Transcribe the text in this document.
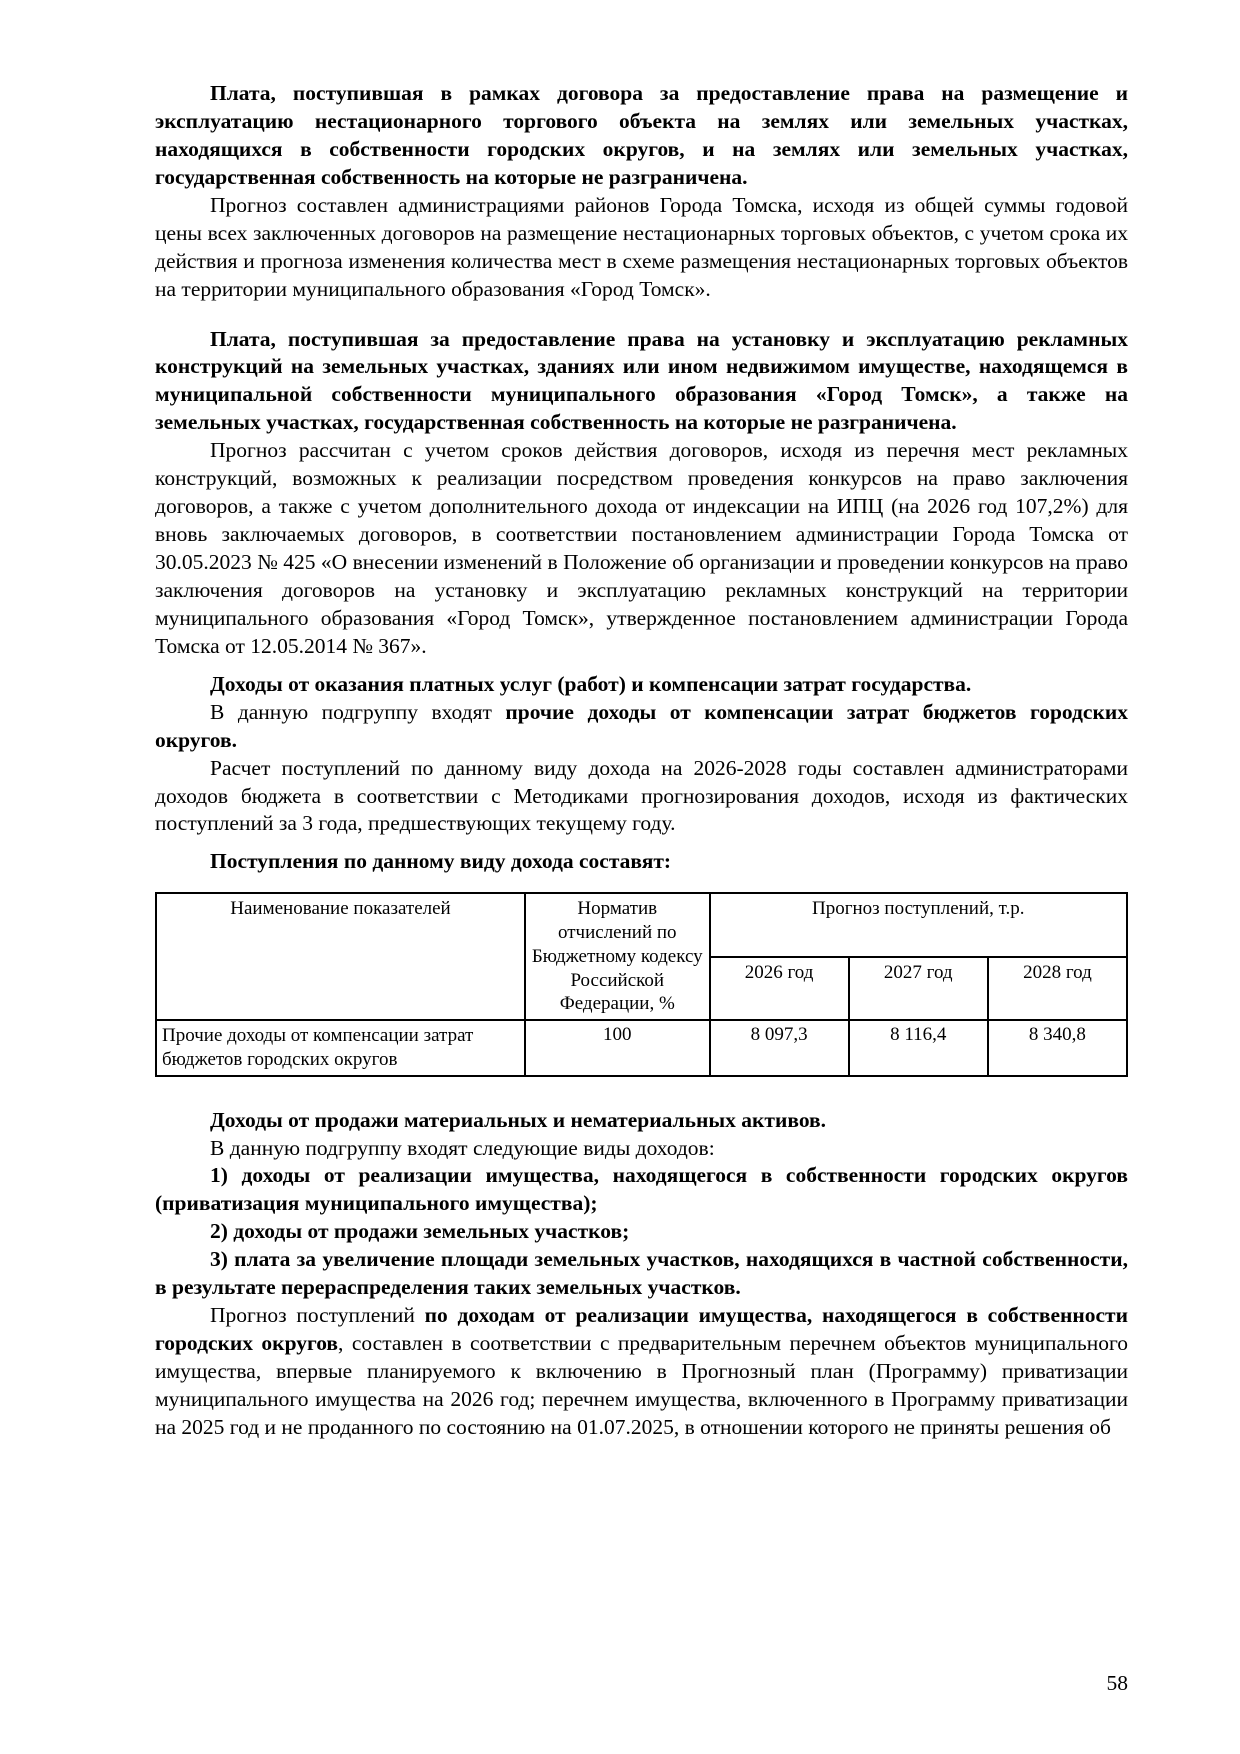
Плата, поступившая в рамках договора за предоставление права на размещение и эксплуатацию нестационарного торгового объекта на землях или земельных участках, находящихся в собственности городских округов, и на землях или земельных участках, государственная собственность на которые не разграничена.

Прогноз составлен администрациями районов Города Томска, исходя из общей суммы годовой цены всех заключенных договоров на размещение нестационарных торговых объектов, с учетом срока их действия и прогноза изменения количества мест в схеме размещения нестационарных торговых объектов на территории муниципального образования «Город Томск».

Плата, поступившая за предоставление права на установку и эксплуатацию рекламных конструкций на земельных участках, зданиях или ином недвижимом имуществе, находящемся в муниципальной собственности муниципального образования «Город Томск», а также на земельных участках, государственная собственность на которые не разграничена.

Прогноз рассчитан с учетом сроков действия договоров, исходя из перечня мест рекламных конструкций, возможных к реализации посредством проведения конкурсов на право заключения договоров, а также с учетом дополнительного дохода от индексации на ИПЦ (на 2026 год 107,2%) для вновь заключаемых договоров, в соответствии постановлением администрации Города Томска от 30.05.2023 № 425 «О внесении изменений в Положение об организации и проведении конкурсов на право заключения договоров на установку и эксплуатацию рекламных конструкций на территории муниципального образования «Город Томск», утвержденное постановлением администрации Города Томска от 12.05.2014 № 367».

Доходы от оказания платных услуг (работ) и компенсации затрат государства.

В данную подгруппу входят прочие доходы от компенсации затрат бюджетов городских округов.

Расчет поступлений по данному виду дохода на 2026-2028 годы составлен администраторами доходов бюджета в соответствии с Методиками прогнозирования доходов, исходя из фактических поступлений за 3 года, предшествующих текущему году.

Поступления по данному виду дохода составят:

Наименование показателей	Норматив отчислений по Бюджетному кодексу Российской Федерации, %	Прогноз поступлений, т.р.		
		2026 год	2027 год	2028 год
Прочие доходы от компенсации затрат бюджетов городских округов	100	8 097,3	8 116,4	8 340,8

Доходы от продажи материальных и нематериальных активов.

В данную подгруппу входят следующие виды доходов:

1) доходы от реализации имущества, находящегося в собственности городских округов (приватизация муниципального имущества);

2) доходы от продажи земельных участков;

3) плата за увеличение площади земельных участков, находящихся в частной собственности, в результате перераспределения таких земельных участков.

Прогноз поступлений по доходам от реализации имущества, находящегося в собственности городских округов, составлен в соответствии с предварительным перечнем объектов муниципального имущества, впервые планируемого к включению в Прогнозный план (Программу) приватизации муниципального имущества на 2026 год; перечнем имущества, включенного в Программу приватизации на 2025 год и не проданного по состоянию на 01.07.2025, в отношении которого не приняты решения об

58
